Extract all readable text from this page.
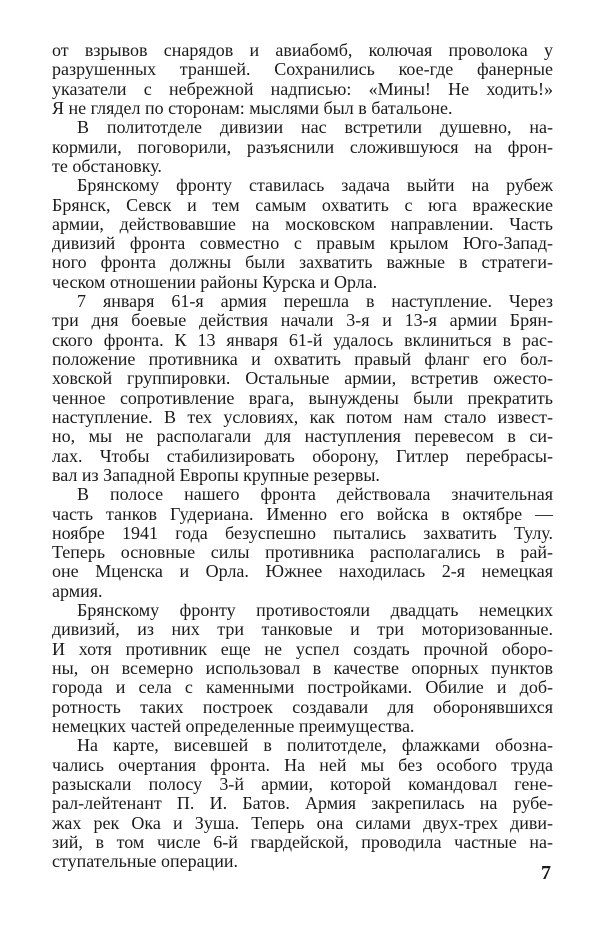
от взрывов снарядов и авиабомб, колючая проволока у
разрушенных траншей. Сохранились кое-где фанерные
указатели с небрежной надписью: «Мины! Не ходить!»
Я не глядел по сторонам: мыслями был в батальоне.
В политотделе дивизии нас встретили душевно, на-
кормили, поговорили, разъяснили сложившуюся на фрон-
те обстановку.
Брянскому фронту ставилась задача выйти на рубеж
Брянск, Севск и тем самым охватить с юга вражеские
армии, действовавшие на московском направлении. Часть
дивизий фронта совместно с правым крылом Юго-Запад-
ного фронта должны были захватить важные в стратеги-
ческом отношении районы Курска и Орла.
7 января 61-я армия перешла в наступление. Через
три дня боевые действия начали 3-я и 13-я армии Брян-
ского фронта. К 13 января 61-й удалось вклиниться в рас-
положение противника и охватить правый фланг его бол-
ховской группировки. Остальные армии, встретив ожесто-
ченное сопротивление врага, вынуждены были прекратить
наступление. В тех условиях, как потом нам стало извест-
но, мы не располагали для наступления перевесом в си-
лах. Чтобы стабилизировать оборону, Гитлер перебрасы-
вал из Западной Европы крупные резервы.
В полосе нашего фронта действовала значительная
часть танков Гудериана. Именно его войска в октябре —
ноябре 1941 года безуспешно пытались захватить Тулу.
Теперь основные силы противника располагались в рай-
оне Мценска и Орла. Южнее находилась 2-я немецкая
армия.
Брянскому фронту противостояли двадцать немецких
дивизий, из них три танковые и три моторизованные.
И хотя противник еще не успел создать прочной оборо-
ны, он всемерно использовал в качестве опорных пунктов
города и села с каменными постройками. Обилие и доб-
ротность таких построек создавали для оборонявшихся
немецких частей определенные преимущества.
На карте, висевшей в политотделе, флажками обозна-
чались очертания фронта. На ней мы без особого труда
разыскали полосу 3-й армии, которой командовал гене-
рал-лейтенант П. И. Батов. Армия закрепилась на рубе-
жах рек Ока и Зуша. Теперь она силами двух-трех диви-
зий, в том числе 6-й гвардейской, проводила частные на-
ступательные операции.
7
